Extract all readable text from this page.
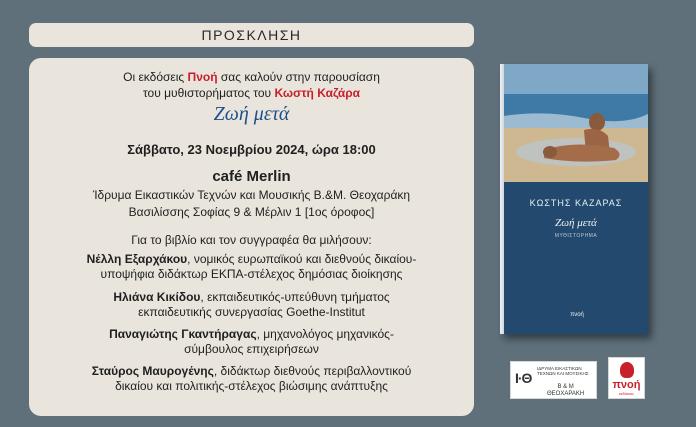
ΠΡΟΣΚΛΗΣΗ
Οι εκδόσεις Πνοή σας καλούν στην παρουσίαση
του μυθιστορήματος του Κωστή Καζάρα
Ζωή μετά
Σάββατο, 23 Νοεμβρίου 2024, ώρα 18:00
café Merlin
Ίδρυμα Εικαστικών Τεχνών και Μουσικής Β.&Μ. Θεοχαράκη
Βασιλίσσης Σοφίας 9 & Μέρλιν 1 [1ος όροφος]
Για το βιβλίο και τον συγγραφέα θα μιλήσουν:
Νέλλη Εξαρχάκου, νομικός ευρωπαϊκού και διεθνούς δικαίου-
υποψήφια διδάκτωρ ΕΚΠΑ-στέλεχος δημόσιας διοίκησης
Ηλιάνα Κικίδου, εκπαιδευτικός-υπεύθυνη τμήματος
εκπαιδευτικής συνεργασίας Goethe-Institut
Παναγιώτης Γκαντήραγας, μηχανολόγος μηχανικός-
σύμβουλος επιχειρήσεων
Σταύρος Μαυρογένης, διδάκτωρ διεθνούς περιβαλλοντικού
δικαίου και πολιτικής-στέλεχος βιώσιμης ανάπτυξης
ΚΩΣΤΗΣ ΚΑΖΑΡΑΣ
Ζωή μετά
ΜΥΘΙΣΤΟΡΗΜΑ
πνοή
Ι·Θ
ΙΔΡΥΜΑ ΕΙΚΑΣΤΙΚΩΝ ΤΕΧΝΩΝ ΚΑΙ ΜΟΥΣΙΚΗΣ
Β & Μ
ΘΕΟΧΑΡΑΚΗ
πνοή
εκδόσεις
